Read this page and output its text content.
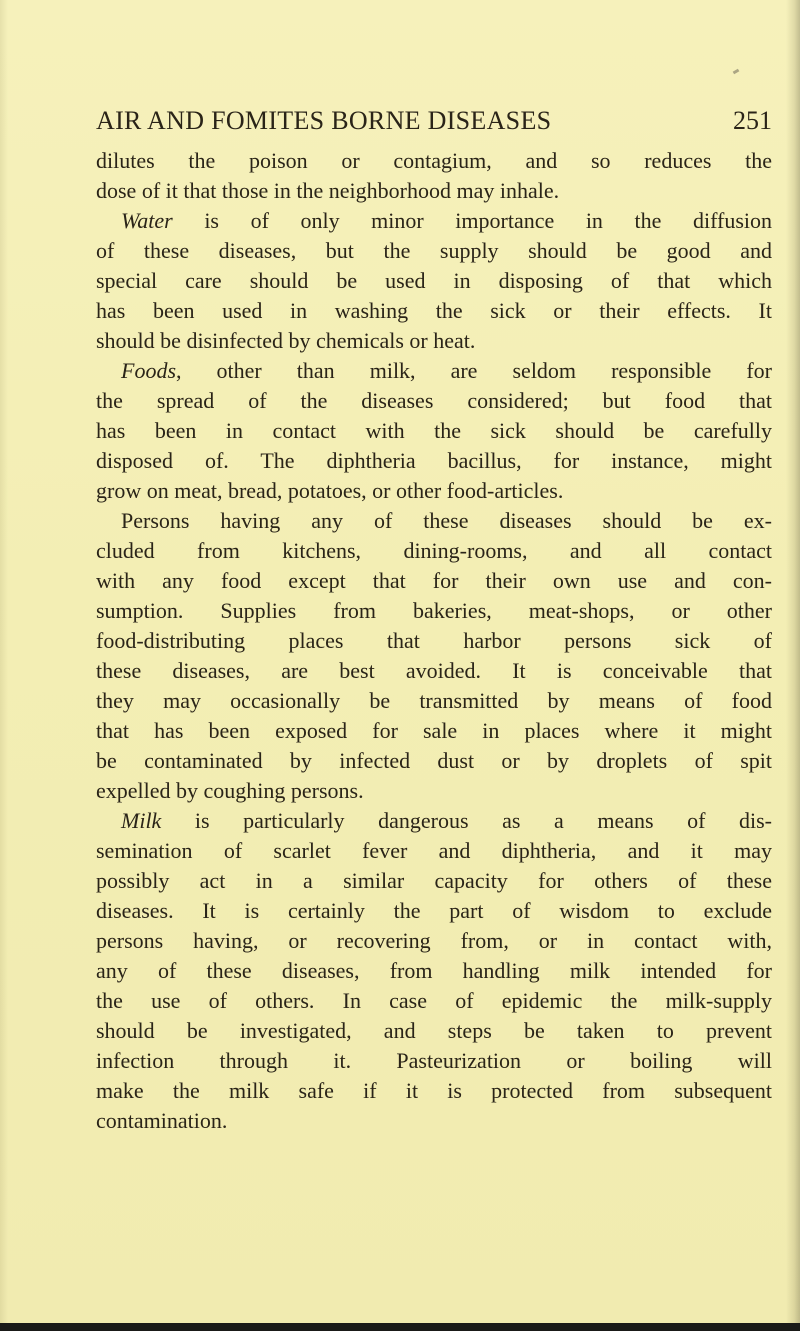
AIR AND FOMITES BORNE DISEASES	251
dilutes the poison or contagium, and so reduces the
dose of it that those in the neighborhood may inhale.
Water is of only minor importance in the diffusion
of these diseases, but the supply should be good and
special care should be used in disposing of that which
has been used in washing the sick or their effects. It
should be disinfected by chemicals or heat.
Foods, other than milk, are seldom responsible for
the spread of the diseases considered; but food that
has been in contact with the sick should be carefully
disposed of. The diphtheria bacillus, for instance, might
grow on meat, bread, potatoes, or other food-articles.
Persons having any of these diseases should be ex-
cluded from kitchens, dining-rooms, and all contact
with any food except that for their own use and con-
sumption. Supplies from bakeries, meat-shops, or other
food-distributing places that harbor persons sick of
these diseases, are best avoided. It is conceivable that
they may occasionally be transmitted by means of food
that has been exposed for sale in places where it might
be contaminated by infected dust or by droplets of spit
expelled by coughing persons.
Milk is particularly dangerous as a means of dis-
semination of scarlet fever and diphtheria, and it may
possibly act in a similar capacity for others of these
diseases. It is certainly the part of wisdom to exclude
persons having, or recovering from, or in contact with,
any of these diseases, from handling milk intended for
the use of others. In case of epidemic the milk-supply
should be investigated, and steps be taken to prevent
infection through it. Pasteurization or boiling will
make the milk safe if it is protected from subsequent
contamination.
